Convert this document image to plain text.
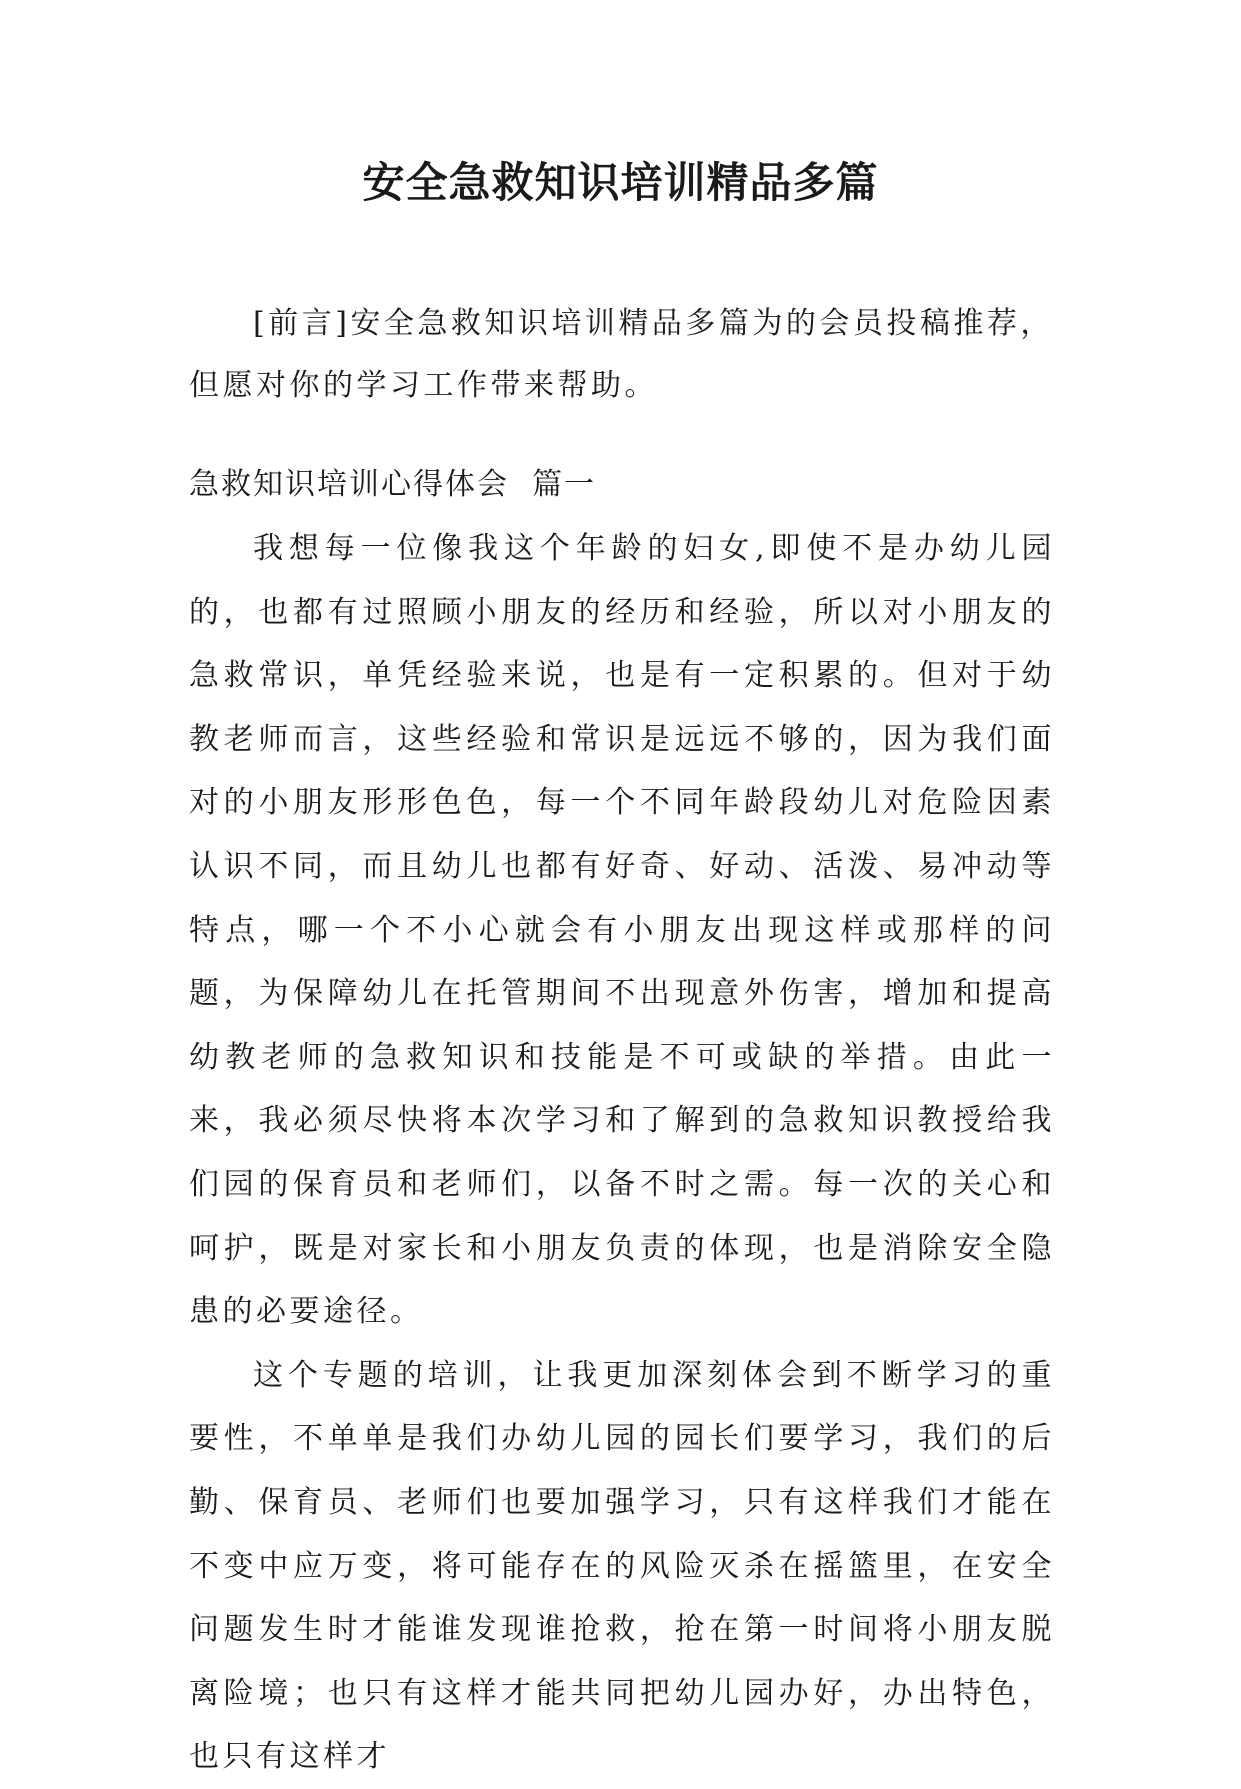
安全急救知识培训精品多篇

[前言]安全急救知识培训精品多篇为的会员投稿推荐，但愿对你的学习工作带来帮助。

急救知识培训心得体会  篇一

我想每一位像我这个年龄的妇女,即使不是办幼儿园的，也都有过照顾小朋友的经历和经验，所以对小朋友的急救常识，单凭经验来说，也是有一定积累的。但对于幼教老师而言，这些经验和常识是远远不够的，因为我们面对的小朋友形形色色，每一个不同年龄段幼儿对危险因素认识不同，而且幼儿也都有好奇、好动、活泼、易冲动等特点，哪一个不小心就会有小朋友出现这样或那样的问题，为保障幼儿在托管期间不出现意外伤害，增加和提高幼教老师的急救知识和技能是不可或缺的举措。由此一来，我必须尽快将本次学习和了解到的急救知识教授给我们园的保育员和老师们，以备不时之需。每一次的关心和呵护，既是对家长和小朋友负责的体现，也是消除安全隐患的必要途径。

这个专题的培训，让我更加深刻体会到不断学习的重要性，不单单是我们办幼儿园的园长们要学习，我们的后勤、保育员、老师们也要加强学习，只有这样我们才能在不变中应万变，将可能存在的风险灭杀在摇篮里，在安全问题发生时才能谁发现谁抢救，抢在第一时间将小朋友脱离险境；也只有这样才能共同把幼儿园办好，办出特色，也只有这样才
